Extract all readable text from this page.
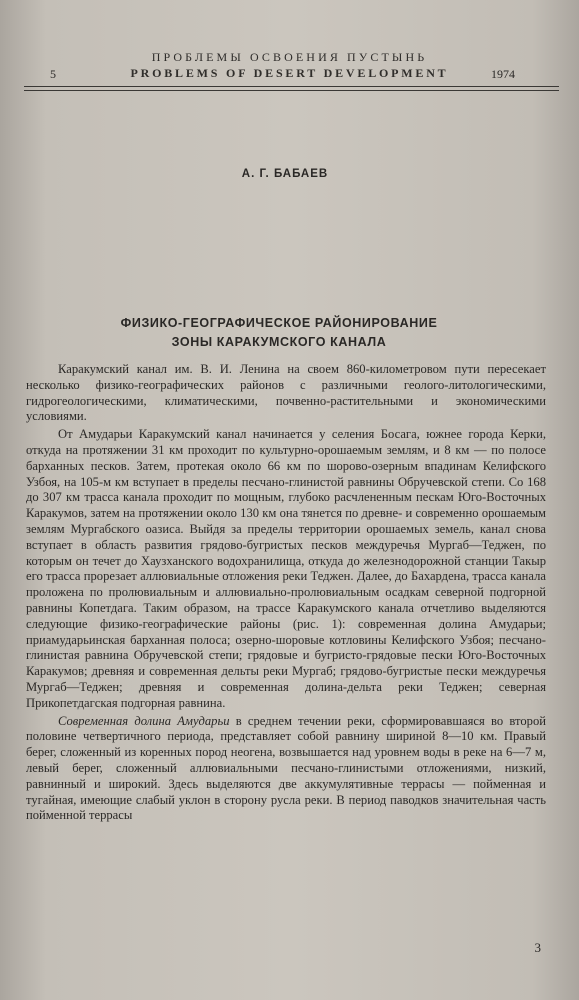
ПРОБЛЕМЫ ОСВОЕНИЯ ПУСТЫНЬ
5	PROBLEMS OF DESERT DEVELOPMENT	1974
А. Г. БАБАЕВ
ФИЗИКО-ГЕОГРАФИЧЕСКОЕ РАЙОНИРОВАНИЕ
ЗОНЫ КАРАКУМСКОГО КАНАЛА

Каракумский канал им. В. И. Ленина на своем 860-километровом пути пересекает несколько физико-географических районов с различными геолого-литологическими, гидрогеологическими, климатическими, почвенно-растительными и экономическими условиями.

От Амударьи Каракумский канал начинается у селения Босага, южнее города Керки, откуда на протяжении 31 км проходит по культурно-орошаемым землям, и 8 км — по полосе барханных песков. Затем, протекая около 66 км по шорово-озерным впадинам Келифского Узбоя, на 105-м км вступает в пределы песчано-глинистой равнины Обручевской степи. Со 168 до 307 км трасса канала проходит по мощным, глубоко расчлененным пескам Юго-Восточных Каракумов, затем на протяжении около 130 км она тянется по древне- и современно орошаемым землям Мургабского оазиса. Выйдя за пределы территории орошаемых земель, канал снова вступает в область развития грядово-бугристых песков междуречья Мургаб—Теджен, по которым он течет до Хаузханского водохранилища, откуда до железнодорожной станции Такыр его трасса прорезает аллювиальные отложения реки Теджен. Далее, до Бахардена, трасса канала проложена по пролювиальным и аллювиально-пролювиальным осадкам северной подгорной равнины Копетдага. Таким образом, на трассе Каракумского канала отчетливо выделяются следующие физико-географические районы (рис. 1): современная долина Амударьи; приамударьинская барханная полоса; озерно-шоровые котловины Келифского Узбоя; песчано-глинистая равнина Обручевской степи; грядовые и бугристо-грядовые пески Юго-Восточных Каракумов; древняя и современная дельты реки Мургаб; грядово-бугристые пески междуречья Мургаб—Теджен; древняя и современная долина-дельта реки Теджен; северная Прикопетдагская подгорная равнина.

Современная долина Амударьи в среднем течении реки, сформировавшаяся во второй половине четвертичного периода, представляет собой равнину шириной 8—10 км. Правый берег, сложенный из коренных пород неогена, возвышается над уровнем воды в реке на 6—7 м, левый берег, сложенный аллювиальными песчано-глинистыми отложениями, низкий, равнинный и широкий. Здесь выделяются две аккумулятивные террасы — пойменная и тугайная, имеющие слабый уклон в сторону русла реки. В период паводков значительная часть пойменной террасы

3
